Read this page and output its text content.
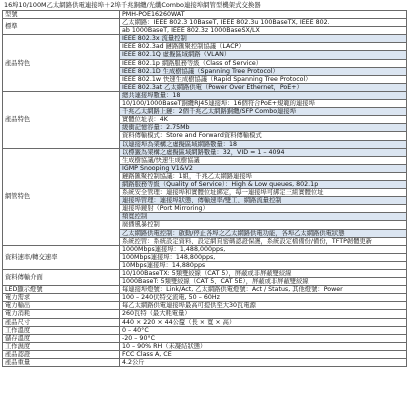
16埠10/100M乙太網路供電連接埠＋2埠千兆銅纜/光纖Combo連接埠網管型機架式交換器
型號	PMH-POE16260WAT
標準	乙太網路：IEEE 802.3 10BaseT, IEEE 802.3u 100BaseTX, IEEE 802.
	ab 1000BaseT, IEEE 802.3z 1000BaseSX/LX
產品特色	IEEE 802.3x 流量控制
	IEEE 802.3ad 鏈路匯聚控制協議（LACP）
	IEEE 802.1Q 虛擬區域網路（VLAN）
	IEEE 802.1p 網路服務等級（Class of Service）
	IEEE 802.1D 生成樹協議（Spanning Tree Protocol）
	IEEE 802.1w 快速生成樹協議（Rapid Spanning Tree Protocol）
	IEEE 802.3at 乙太網路供電（Power Over Ethernet，PoE+）
產品特色	總共連接埠數量：18
	10/100/1000BaseT銅纜RJ45連接埠：16個符合PoE+規範的連接埠
	千兆乙太網路上鏈：2個千兆乙太網路銅纜/SFP Combo連接埠
	實體位址表：4K
	緩衝記憶容量：2.75Mb
	資料傳輸模式：Store and Forward資料傳輸模式
	以連接埠為架構之虛擬區域網路數量：18
網管特色	以標籤為架構之虛擬區域網路數量：32，VID = 1 – 4094
	生成樹協議/快速生成樹協議
	IGMP Snooping V1&V2
	鏈路匯聚控制協議：1組，千兆乙太網路連接埠
	網路服務等級（Quality of Service）：High & Low queues, 802.1p
	系統安全管理：連接埠和實體位址綁定，每一連接埠可綁定三組實體位址
	連接埠管理：連接埠狀態、傳輸速率/雙工、網路流量控制
	連接埠鏡射（Port Mirroring）
	頻寬控制
	廣播風暴控制
	乙太網路供電控制：啟動/停止各埠之乙太網路供電功能，各埠乙太網路供電狀態
	系統控管：系統設定資料、設定網頁密碼認證保護，系統設定檔備份/備份，TFTP韌體更新
資料速率/轉交速率	1000Mbps連接埠：1,488,000pps,
	100Mbps連接埠：148,800pps,
	10Mbps連接埠：14,880pps
資料傳輸介面	10/100BaseTX: 5類雙絞線（CAT 5），屏蔽或非屏蔽雙絞線
	1000BaseT: 5類雙絞線（CAT 5、CAT 5E），屏蔽或非屏蔽雙絞線
LED顯示燈號	每連接埠燈號：Link/Act, 乙太網路供電燈號：Act / Status, 其他燈號：Power
電力需求	100 – 240伏特交流電, 50 – 60Hz
電力輸出	每乙太網路供電連接埠最高可提供至大30瓦電源
電力消耗	260瓦特（最大耗電量）
產品尺寸	440 × 220 × 44公釐（長 × 寬 × 高）
工作溫度	0 – 40°C
儲存溫度	-20 – 90°C
工作濕度	10 – 90% RH（未凝結狀態）
產品認證	FCC Class A, CE
產品重量	4.2公斤
